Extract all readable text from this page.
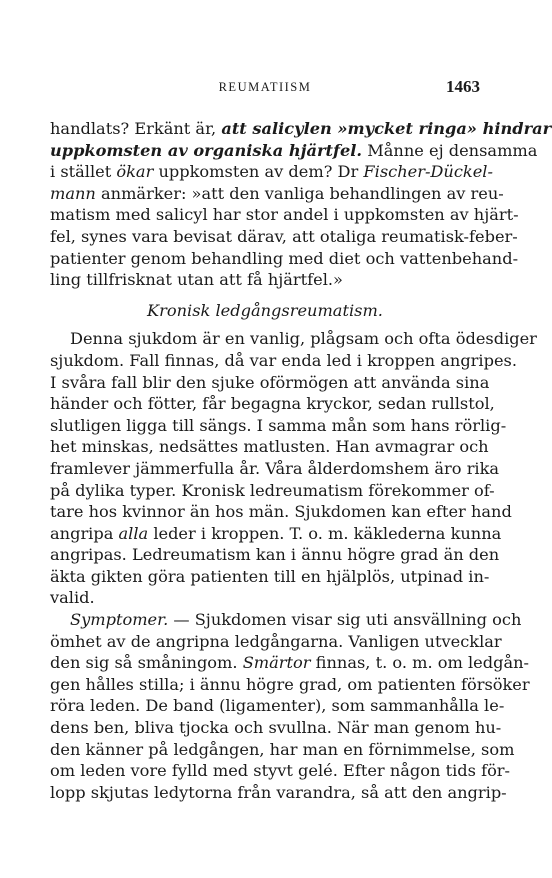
REUMATIISM	1463

handlats? Erkänt är, att salicylen »mycket ringa» hindrar
uppkomsten av organiska hjärtfel. Månne ej densamma
i stället ökar uppkomsten av dem? Dr Fischer-Dückel-
mann anmärker: »att den vanliga behandlingen av reu-
matism med salicyl har stor andel i uppkomsten av hjärt-
fel, synes vara bevisat därav, att otaliga reumatisk-feber-
patienter genom behandling med diet och vattenbehand-
ling tillfrisknat utan att få hjärtfel.»

Kronisk ledgångsreumatism.

Denna sjukdom är en vanlig, plågsam och ofta ödesdiger
sjukdom. Fall finnas, då var enda led i kroppen angripes.
I svåra fall blir den sjuke oförmögen att använda sina
händer och fötter, får begagna kryckor, sedan rullstol,
slutligen ligga till sängs. I samma mån som hans rörlig-
het minskas, nedsättes matlusten. Han avmagrar och
framlever jämmerfulla år. Våra ålderdomshem äro rika
på dylika typer. Kronisk ledreumatism förekommer of-
tare hos kvinnor än hos män. Sjukdomen kan efter hand
angripa alla leder i kroppen. T. o. m. käklederna kunna
angripas. Ledreumatism kan i ännu högre grad än den
äkta gikten göra patienten till en hjälplös, utpinad in-
valid.

Symptomer. — Sjukdomen visar sig uti ansvällning och
ömhet av de angripna ledgångarna. Vanligen utvecklar
den sig så småningom. Smärtor finnas, t. o. m. om ledgån-
gen hålles stilla; i ännu högre grad, om patienten försöker
röra leden. De band (ligamenter), som sammanhålla le-
dens ben, bliva tjocka och svullna. När man genom hu-
den känner på ledgången, har man en förnimmelse, som
om leden vore fylld med styvt gelé. Efter någon tids för-
lopp skjutas ledytorna från varandra, så att den angrip-
